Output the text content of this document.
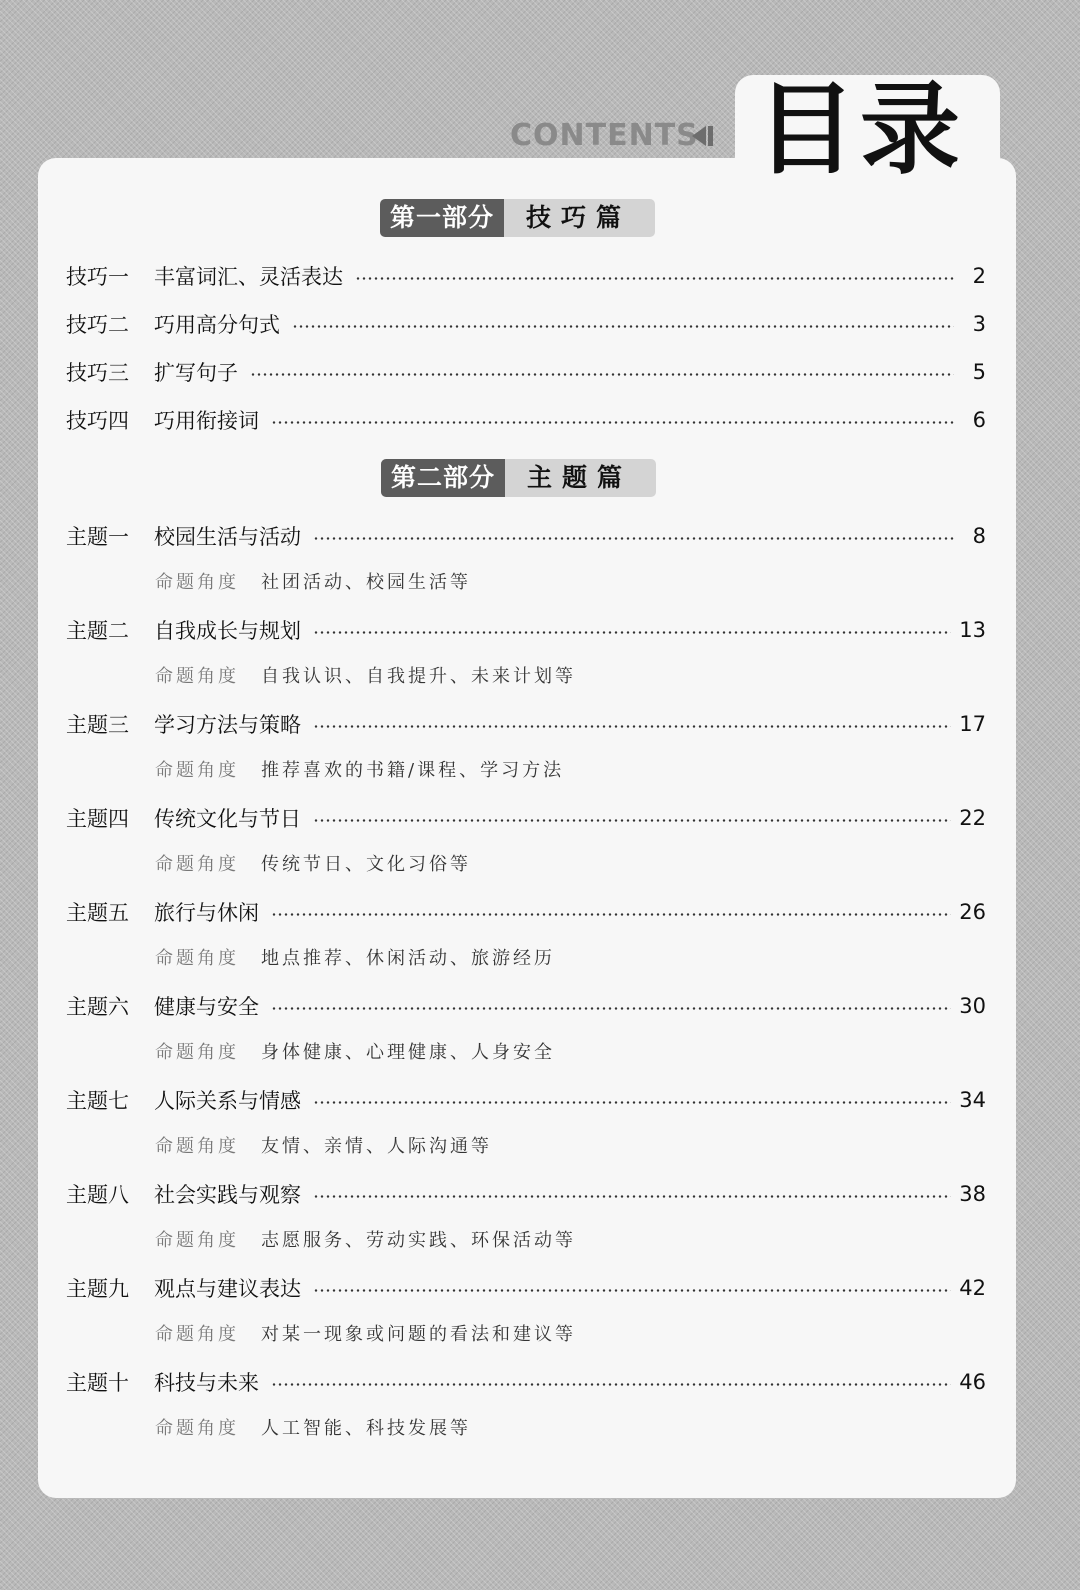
CONTENTS 目录
第一部分	技巧篇
技巧一	丰富词汇、灵活表达	2
技巧二	巧用高分句式	3
技巧三	扩写句子	5
技巧四	巧用衔接词	6
第二部分	主题篇
主题一	校园生活与活动	8
命题角度 社团活动、校园生活等
主题二	自我成长与规划	13
命题角度 自我认识、自我提升、未来计划等
主题三	学习方法与策略	17
命题角度 推荐喜欢的书籍/课程、学习方法
主题四	传统文化与节日	22
命题角度 传统节日、文化习俗等
主题五	旅行与休闲	26
命题角度 地点推荐、休闲活动、旅游经历
主题六	健康与安全	30
命题角度 身体健康、心理健康、人身安全
主题七	人际关系与情感	34
命题角度 友情、亲情、人际沟通等
主题八	社会实践与观察	38
命题角度 志愿服务、劳动实践、环保活动等
主题九	观点与建议表达	42
命题角度 对某一现象或问题的看法和建议等
主题十	科技与未来	46
命题角度 人工智能、科技发展等
